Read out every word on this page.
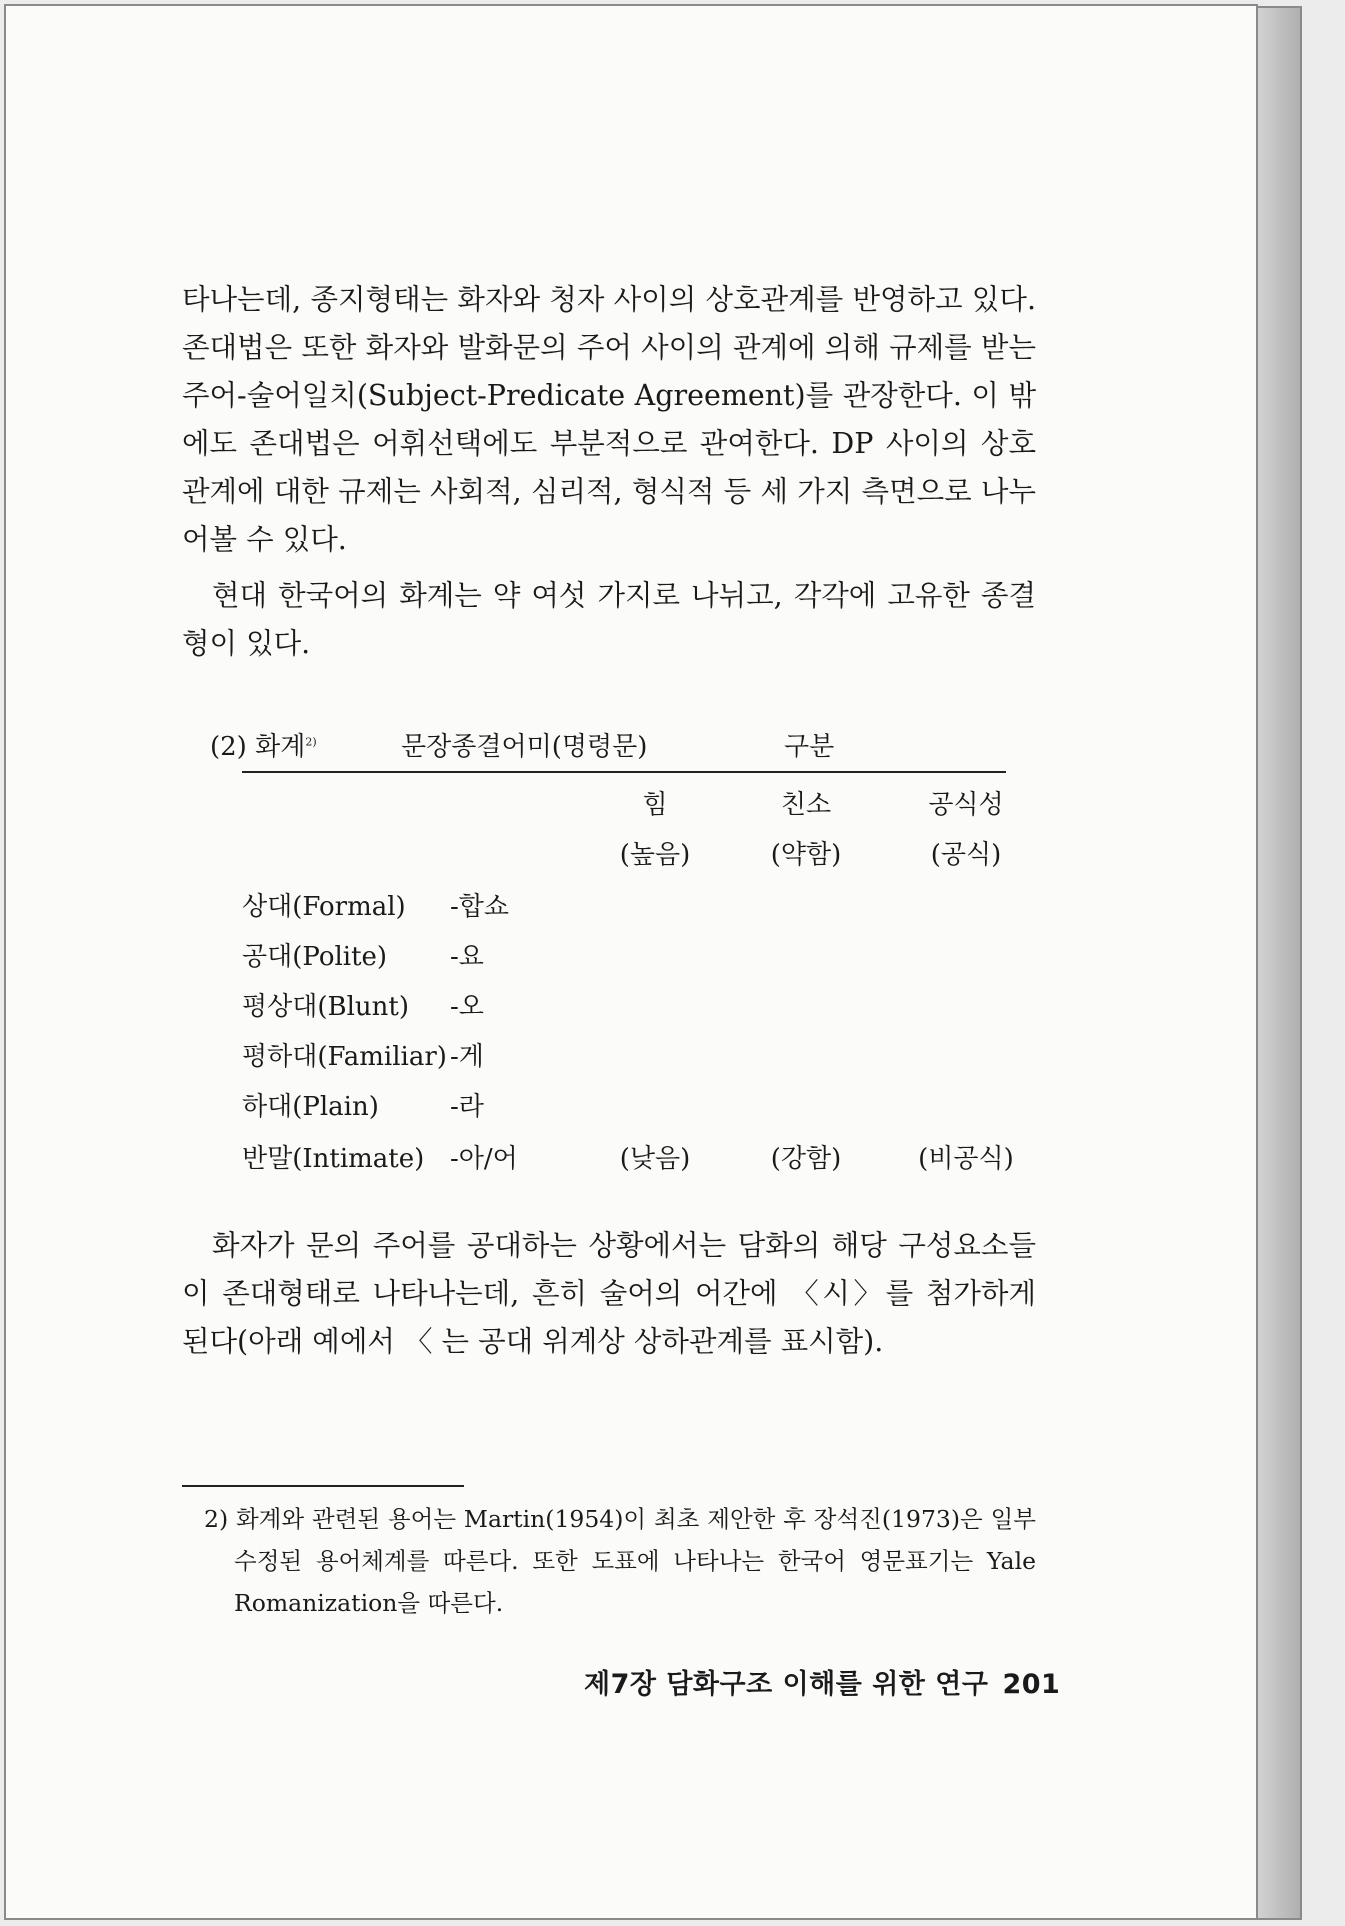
타나는데, 종지형태는 화자와 청자 사이의 상호관계를 반영하고 있다. 존대법은 또한 화자와 발화문의 주어 사이의 관계에 의해 규제를 받는 주어-술어일치(Subject-Predicate Agreement)를 관장한다. 이 밖에도 존대법은 어휘선택에도 부분적으로 관여한다. DP 사이의 상호관계에 대한 규제는 사회적, 심리적, 형식적 등 세 가지 측면으로 나누어볼 수 있다.
현대 한국어의 화계는 약 여섯 가지로 나뉘고, 각각에 고유한 종결형이 있다.
(2) 화계$^{2)}$	문장종결어미(명령문)	구분
힘	친소	공식성
(높음)	(약함)	(공식)
상대(Formal) -합쇼
공대(Polite) -요
평상대(Blunt) -오
평하대(Familiar) -게
하대(Plain)	-라
반말(Intimate) -아/어	(낮음)	(강함)	(비공식)
화자가 문의 주어를 공대하는 상황에서는 담화의 해당 구성요소들이 존대형태로 나타나는데, 흔히 술어의 어간에 〈시〉를 첨가하게 된다(아래 예에서 〈 는 공대 위계상 상하관계를 표시함).
2) 화계와 관련된 용어는 Martin(1954)이 최초 제안한 후 장석진(1973)은 일부 수정된 용어체계를 따른다. 또한 도표에 나타나는 한국어 영문표기는 Yale Romanization을 따른다.
제7장 담화구조 이해를 위한 연구 201
